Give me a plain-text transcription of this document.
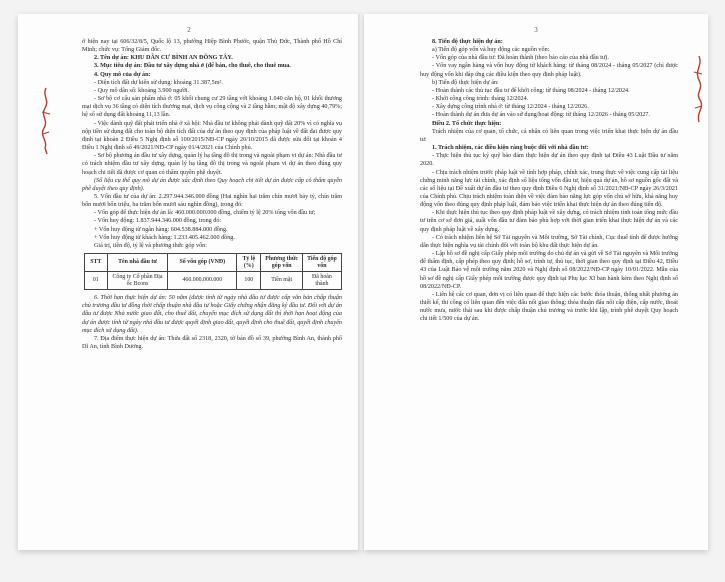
2

ở hiện nay tại 606/32/8/5, Quốc lộ 13, phường Hiệp Bình Phước, quận Thủ Đức, Thành phố Hồ Chí Minh; chức vụ: Tổng Giám đốc.

2. Tên dự án: KHU DÂN CƯ BÌNH AN ĐÔNG TÂY.

3. Mục tiêu dự án: Đầu tư xây dựng nhà ở (để bán, cho thuê, cho thuê mua.

4. Quy mô của dự án:

- Diện tích đất dự kiến sử dụng: khoảng 31.387,5m².

- Quy mô dân số: khoảng 3.900 người.

- Sơ bộ cơ cấu sản phẩm nhà ở: 05 khối chung cư 29 tầng với khoảng 1.040 căn hộ, 01 khối thương mại dịch vụ 36 tầng có diện tích thương mại, dịch vụ công cộng và 2 tầng hầm; mật độ xây dựng 40,79%; hệ số sử dụng đất khoảng 11,13 lần.

- Việc dành quỹ đất phát triển nhà ở xã hội: Nhà đầu tư không phải dành quỹ đất 20% vì có nghĩa vụ nộp tiền sử dụng đất cho toàn bộ diện tích đất của dự án theo quy định của pháp luật về đất đai được quy định tại khoản 2 Điều 5 Nghị định số 100/2015/NĐ-CP ngày 20/10/2015 đã được sửa đổi tại khoản 4 Điều 1 Nghị định số 49/2021/NĐ-CP ngày 01/4/2021 của Chính phủ.

- Sơ bộ phương án đầu tư xây dựng, quản lý hạ tầng đô thị trong và ngoài phạm vi dự án: Nhà đầu tư có trách nhiệm đầu tư xây dựng, quản lý hạ tầng đô thị trong và ngoài phạm vi dự án theo đúng quy hoạch chi tiết đã được cơ quan có thẩm quyền phê duyệt.

(Số liệu cụ thể quy mô dự án được xác định theo Quy hoạch chi tiết dự án được cấp có thẩm quyền phê duyệt theo quy định).

5. Vốn đầu tư của dự án: 2.297.944.346.000 đồng (Hai nghìn hai trăm chín mươi bảy tỷ, chín trăm bốn mươi bốn triệu, ba trăm bốn mươi sáu nghìn đồng), trong đó:

- Vốn góp để thực hiện dự án là: 460.000.000.000 đồng, chiếm tỷ lệ 20% tổng vốn đầu tư;

- Vốn huy động: 1.837.944.346.000 đồng, trong đó:

+ Vốn huy động từ ngân hàng: 604.538.884.000 đồng.

+ Vốn huy động từ khách hàng: 1.233.405.462.000 đồng.

Giá trị, tiền độ, tỷ lệ và phương thức góp vốn:

STT	Tên nhà đầu tư	Số vốn góp (VNĐ)	Tỷ lệ (%)	Phương thức góp vốn	Tiến độ góp vốn
01	Công ty Cổ phần Địa ốc Bcons	460.000.000.000	100	Tiền mặt	Đã hoàn thành

6. Thời hạn thực hiện dự án: 50 năm (được tính từ ngày nhà đầu tư được cấp văn bản chấp thuận chủ trương đầu tư đồng thời chấp thuận nhà đầu tư hoặc Giấy chứng nhận đăng ký đầu tư. Đối với dự án đầu tư được Nhà nước giao đất, cho thuê đất, chuyển mục đích sử dụng đất thì thời hạn hoạt động của dự án được tính từ ngày nhà đầu tư được quyết định giao đất, quyết định cho thuê đất, quyết định chuyển mục đích sử dụng đất).

7. Địa điểm thực hiện dự án: Thửa đất số 2318, 2320, tờ bản đồ số 39, phường Bình An, thành phố Dĩ An, tỉnh Bình Dương.

3

8. Tiến độ thực hiện dự án:

a) Tiến độ góp vốn và huy động các nguồn vốn:

- Vốn góp của nhà đầu tư: Đã hoàn thành (theo báo cáo của nhà đầu tư).

- Vốn vay ngân hàng và vốn huy động từ khách hàng: từ tháng 08/2024 - tháng 05/2027 (chỉ được huy động vốn khi đáp ứng các điều kiện theo quy định pháp luật).

b) Tiến độ thực hiện dự án:

- Hoàn thành các thủ tục đầu tư để khởi công: từ tháng 08/2024 - tháng 12/2024.

- Khởi công công trình: tháng 12/2024.

- Xây dựng công trình nhà ở: từ tháng 12/2024 - tháng 12/2026.

- Hoàn thành dự án đưa dự án vào sử dụng/hoạt động: từ tháng 12/2026 - tháng 05/2027.

Điều 2. Tổ chức thực hiện:

Trách nhiệm của cơ quan, tổ chức, cá nhân có liên quan trong việc triển khai thực hiện dự án đầu tư:

1. Trách nhiệm, các điều kiện ràng buộc đối với nhà đầu tư:

- Thực hiện thủ tục ký quỹ bảo đảm thực hiện dự án theo quy định tại Điều 43 Luật Đầu tư năm 2020.

- Chịu trách nhiệm trước pháp luật về tính hợp pháp, chính xác, trung thực về việc cung cấp tài liệu chứng minh năng lực tài chính, xác định số liệu tổng vốn đầu tư, hiệu quả dự án, hồ sơ nguồn gốc đất và các số liệu tại Đề xuất dự án đầu tư theo quy định Điều 6 Nghị định số 31/2021/NĐ-CP ngày 26/3/2021 của Chính phủ. Chịu trách nhiệm toàn diện về việc đảm bảo năng lực góp vốn chủ sở hữu, khả năng huy động vốn theo đúng quy định pháp luật, đảm bảo việc triển khai thực hiện dự án theo đúng tiến độ.

- Khi thực hiện thủ tục theo quy định pháp luật về xây dựng, có trách nhiệm tính toán tổng mức đầu tư trên cơ sở đơn giá, suất vốn đầu tư đảm bảo phù hợp với thời gian triển khai thực hiện dự án và các quy định pháp luật về xây dựng.

- Có trách nhiệm liên hệ Sở Tài nguyên và Môi trường, Sở Tài chính, Cục thuế tỉnh để được hướng dẫn thực hiện nghĩa vụ tài chính đối với toàn bộ khu đất thực hiện dự án.

- Lập hồ sơ đề nghị cấp Giấy phép môi trường do chủ dự án và gửi về Sở Tài nguyên và Môi trường để thẩm định, cấp phép theo quy định; hồ sơ, trình tự, thủ tục, thời gian theo quy định tại Điều 42, Điều 43 của Luật Bảo vệ môi trường năm 2020 và Nghị định số 08/2022/NĐ-CP ngày 10/01/2022. Mẫu của hồ sơ đề nghị cấp Giấy phép môi trường được quy định tại Phụ lục XI ban hành kèm theo Nghị định số 08/2022/NĐ-CP.

- Liên hệ các cơ quan, đơn vị có liên quan để thực hiện các bước thỏa thuận, thống nhất phương án thiết kế, thi công có liên quan đến việc đấu nối giao thông; thỏa thuận đấu nối cấp điện, cấp nước, thoát nước mưa, nước thải sau khi được chấp thuận chủ trương và trước khi lập, trình phê duyệt Quy hoạch chi tiết 1/500 của dự án.
